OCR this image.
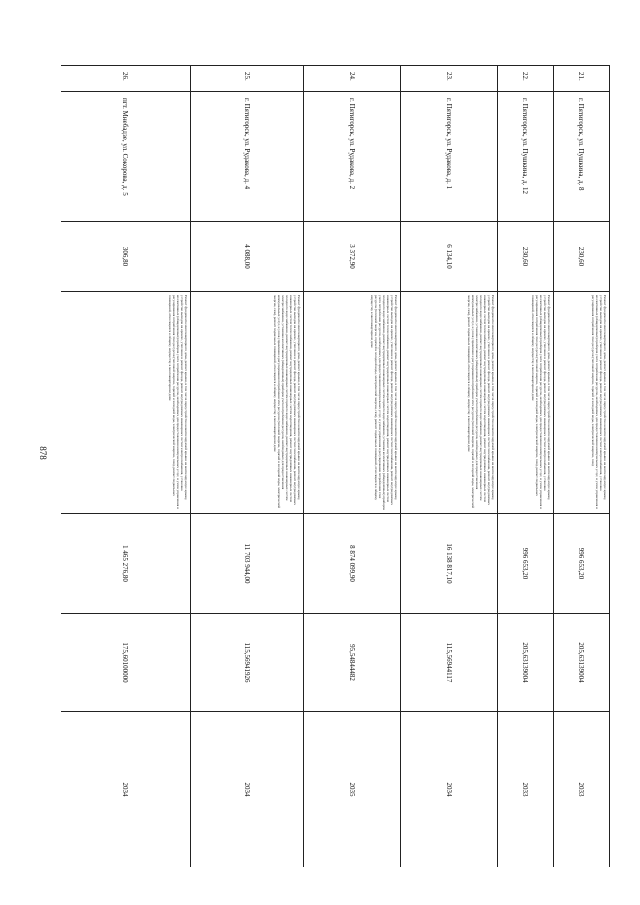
878
21.	г. Пятигорск, ул. Пушкина, д. 8	230,60	Ремонт фундамента многоквартирного дома, ремонт крыши, в том числе переустройство невентилируемой крыши на вентилируемую крышу, устройство выходов на кровлю, утепление и ремонт фасада, ремонт внутридомовых инженерных систем электроснабжения, установка коллективных (общедомовых) приборов учета потребления ресурсов, необходимых для предоставления коммунальных услуг, и узлов управления и регулирования потребления этих ресурсов (тепловой энергии, горячей и холодной воды, электрической энергии, газа)	996 653,20	205,63139004	2033
22.	г. Пятигорск, ул. Пушкина, д. 12	230,60	Ремонт фундамента многоквартирного дома, ремонт крыши, в том числе переустройство невентилируемой крыши на вентилируемую крышу, устройство выходов на кровлю, утепление и ремонт фасада, ремонт внутридомовых инженерных систем электроснабжения, установка коллективных (общедомовых) приборов учета потребления ресурсов, необходимых для предоставления коммунальных услуг, и узлов управления и регулирования потребления этих ресурсов (тепловой энергии, горячей и холодной воды, электрической энергии, газа), ремонт подвальных помещений, относящихся к общему имуществу в многоквартирном доме	996 653,20	205,63139004	2033
23.	г. Пятигорск, ул. Рудакова, д. 1	6 134,10	Ремонт фундамента многоквартирного дома, ремонт крыши, в том числе переустройство невентилируемой крыши на вентилируемую крышу, устройство выходов на кровлю, утепление и ремонт фасада, ремонт внутридомовых инженерных систем газоснабжения, ремонт внутридомовых инженерных систем теплоснабжения, ремонт внутридомовых инженерных систем водоотведения, ремонт внутридомовых инженерных систем холодного водоснабжения, ремонт внутридомовых инженерных систем горячего водоснабжения, ремонт внутридомовых инженерных систем электроснабжения, установка коллективных (общедомовых) приборов учета потребления ресурсов, необходимых для предоставления коммунальных услуг, и узлов управления и регулирования потребления этих ресурсов (тепловой энергии, горячей и холодной воды, электрической энергии, газа), ремонт подвальных помещений, относящихся к общему имуществу в многоквартирном доме	16 138 817,10	115,56944117	2034
24.	г. Пятигорск, ул. Рудакова, д. 2	3 372,90	Ремонт фундамента многоквартирного дома, ремонт крыши, в том числе переустройство невентилируемой крыши на вентилируемую крышу, устройство выходов на кровлю, утепление и ремонт фасада, ремонт внутридомовых инженерных систем газоснабжения, ремонт внутридомовых инженерных систем теплоснабжения, ремонт внутридомовых инженерных систем водоотведения, ремонт внутридомовых инженерных систем холодного водоснабжения, ремонт внутридомовых инженерных систем горячего водоснабжения, установка коллективных (общедомовых) приборов учета потребления ресурсов, необходимых для предоставления коммунальных услуг, и узлов управления и регулирования потребления этих ресурсов (тепловой энергии, горячей и холодной воды, электрической энергии, газа), ремонт подвальных помещений, относящихся к общему имуществу в многоквартирном доме	8 874 099,90	95,54844482	2035
25.	г. Пятигорск, ул. Рудакова, д. 4	4 088,00	Ремонт фундамента многоквартирного дома, ремонт крыши, в том числе переустройство невентилируемой крыши на вентилируемую крышу, устройство выходов на кровлю, утепление и ремонт фасада, ремонт внутридомовых инженерных систем газоснабжения, ремонт внутридомовых инженерных систем теплоснабжения, ремонт внутридомовых инженерных систем водоотведения, ремонт внутридомовых инженерных систем холодного водоснабжения, ремонт внутридомовых инженерных систем горячего водоснабжения, ремонт внутридомовых инженерных систем электроснабжения, установка коллективных (общедомовых) приборов учета потребления ресурсов, необходимых для предоставления коммунальных услуг, и узлов управления и регулирования потребления этих ресурсов (тепловой энергии, горячей и холодной воды, электрической энергии, газа), ремонт подвальных помещений, относящихся к общему имуществу в многоквартирном доме	11 703 944,00	115,56941926	2034
26.	пгт. Мнебадзе, ул. Сокорова, д. 5	306,80	Ремонт фундамента многоквартирного дома, ремонт крыши, в том числе переустройство невентилируемой крыши на вентилируемую крышу, устройство выходов на кровлю, утепление и ремонт фасада, ремонт внутридомовых инженерных систем электроснабжения, установка коллективных (общедомовых) приборов учета потребления ресурсов, необходимых для предоставления коммунальных услуг, и узлов управления и регулирования потребления этих ресурсов (тепловой энергии, горячей и холодной воды, электрической энергии, газа), ремонт подвальных помещений, относящихся к общему имуществу в многоквартирном доме	1 465 276,80	175,60100000	2034
